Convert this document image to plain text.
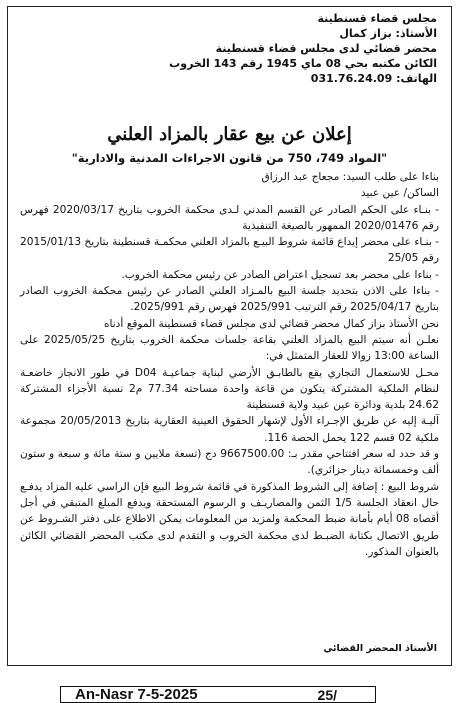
مجلس قضاء قسنطينة
الأستاذ: بزاز كمال
محضر قضائي لدى مجلس قضاء قسنطينة
الكائن مكتبه بحي 08 ماي 1945 رقم 143 الخروب
الهاتف: 031.76.24.09
إعلان عن بيع عقار بالمزاد العلني
"المواد 749، 750 من قانون الاجراءات المدنية والادارية"

بناءا على طلب السيد: مجعاج عبد الرزاق

الساكن/ عين عبيد

- بنـاء على الحكم الصادر عن القسم المدني لـدى محكمة الخروب بتاريخ 2020/03/17 فهرس رقم 2020/01476 الممهور بالصيغة التنفيذية

- بنـاء على محضر إيداع قائمة شروط البيـع بالمزاد العلني محكمـة قسنطينة بتاريخ 2015/01/13 رقم 25/05

- بناءا على محضر بعد تسجيل اعتراض الصادر عن رئيس محكمة الخروب.

- بناءا على الاذن بتحديد جلسة البيع بالمـزاد العلني الصادر عن رئيس محكمة الخروب الصادر بتاريخ 2025/04/17 رقم الترتيب 2025/991 فهرس رقم 2025/991.

نحن الأستاذ بزاز كمال محضر قضائي لدى مجلس قضاء قسنطينة الموقع أدناه

نعلـن أنه سيتم البيع بالمزاد العلني بقاعة جلسات محكمة الخروب بتاريخ 2025/05/25 على الساعة 13:00 زوالا للعقار المتمثل في:

محـل للاستعمال التجاري يقع بالطابـق الأرضي لبناية جماعيـة D04 في طور الانجاز خاضعـة لنظام الملكية المشتركة يتكون من قاعة واحدة مساحته 77.34 م2 نسبة الأجزاء المشتركة 24.62 بلدية ودائرة عين عبيد ولاية قسنطينة

آليـة إليه عن طريق الإجـراء الأول لإشهار الحقوق العينية العقارية بتاريخ 20/05/2013 مجموعة ملكية 02 قسم 122 يحمل الحصة 116.

و قد حدد له سعر افتتاحي مقدر بـ: 9667500.00 دج (تسعة ملايين و ستة مائة و سبعة و ستون ألف وخمسمائة دينار جزائري).

شروط البيع : إضافة إلى الشروط المذكورة في قائمة شروط البيع فإن الراسي عليه المزاد يدفـع حال انعقاد الجلسة 1/5 الثمن والمصاريـف و الرسوم المستحقة ويدفع المبلغ المتبقي في أجل أقصاه 08 أيام بأمانة ضبط المحكمة ولمزيد من المعلومات يمكن الاطلاع على دفتر الشـروط عن طريق الاتصال بكتابة الضبـط لدى محكمة الخروب و التقدم لدى مكتب المحضر القضائي الكائن بالعنوان المذكور.

الأستاذ المحضر القضائي
An-Nasr 7-5-2025	25/
